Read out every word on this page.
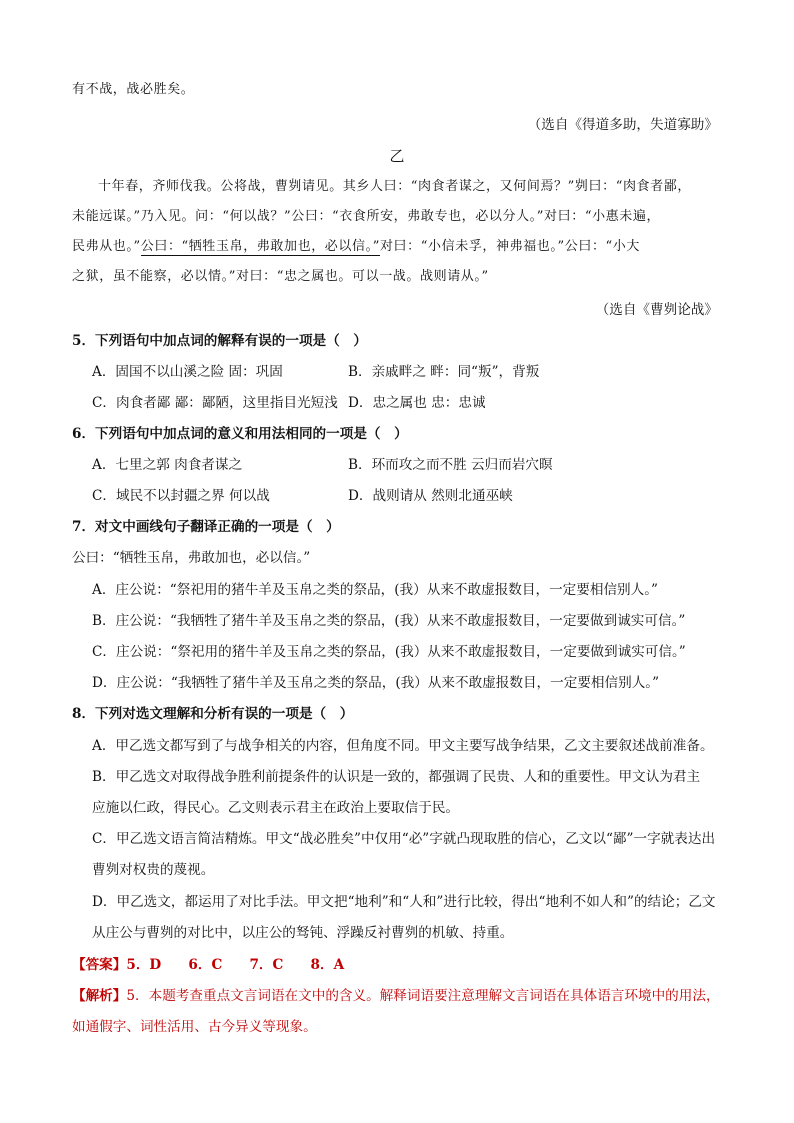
有不战，战必胜矣。
（选自《得道多助，失道寡助》
乙
十年春，齐师伐我。公将战，曹刿请见。其乡人曰：“肉食者谋之，又何间焉？”刿曰：“肉食者鄙，
未能远谋。”乃入见。问：“何以战？”公曰：“衣食所安，弗敢专也，必以分人。”对曰：“小惠未遍，
民弗从也。”公曰：“牺牲玉帛，弗敢加也，必以信。”对曰：“小信未孚，神弗福也。”公曰：“小大
之狱，虽不能察，必以情。”对曰：“忠之属也。可以一战。战则请从。”
（选自《曹刿论战》
5．下列语句中加点词的解释有误的一项是（　）
A．固国不以山溪之险 固：巩固	B．亲戚畔之 畔：同“叛”，背叛
C．肉食者鄙 鄙：鄙陋，这里指目光短浅 D．忠之属也 忠：忠诚
6．下列语句中加点词的意义和用法相同的一项是（　）
A．七里之郭 肉食者谋之	B．环而攻之而不胜 云归而岩穴暝
C．域民不以封疆之界 何以战	D．战则请从 然则北通巫峡
7．对文中画线句子翻译正确的一项是（　）
公曰：“牺牲玉帛，弗敢加也，必以信。”
A．庄公说：“祭祀用的猪牛羊及玉帛之类的祭品，(我）从来不敢虚报数目，一定要相信别人。”
B．庄公说：“我牺牲了猪牛羊及玉帛之类的祭品，(我）从来不敢虚报数目，一定要做到诚实可信。”
C．庄公说：“祭祀用的猪牛羊及玉帛之类的祭品，(我）从来不敢虚报数目，一定要做到诚实可信。”
D．庄公说：“我牺牲了猪牛羊及玉帛之类的祭品，(我）从来不敢虚报数目，一定要相信别人。”
8．下列对选文理解和分析有误的一项是（　）
A．甲乙选文都写到了与战争相关的内容，但角度不同。甲文主要写战争结果，乙文主要叙述战前准备。
B．甲乙选文对取得战争胜利前提条件的认识是一致的，都强调了民贵、人和的重要性。甲文认为君主
应施以仁政，得民心。乙文则表示君主在政治上要取信于民。
C．甲乙选文语言简洁精炼。甲文“战必胜矣”中仅用“必”字就凸现取胜的信心，乙文以“鄙”一字就表达出
曹刿对权贵的蔑视。
D．甲乙选文，都运用了对比手法。甲文把“地利”和“人和”进行比较，得出“地利不如人和”的结论；乙文
从庄公与曹刿的对比中，以庄公的驽钝、浮躁反衬曹刿的机敏、持重。
【答案】5．D　　6．C　　7．C　　8．A
【解析】5．本题考查重点文言词语在文中的含义。解释词语要注意理解文言词语在具体语言环境中的用法，
如通假字、词性活用、古今异义等现象。
